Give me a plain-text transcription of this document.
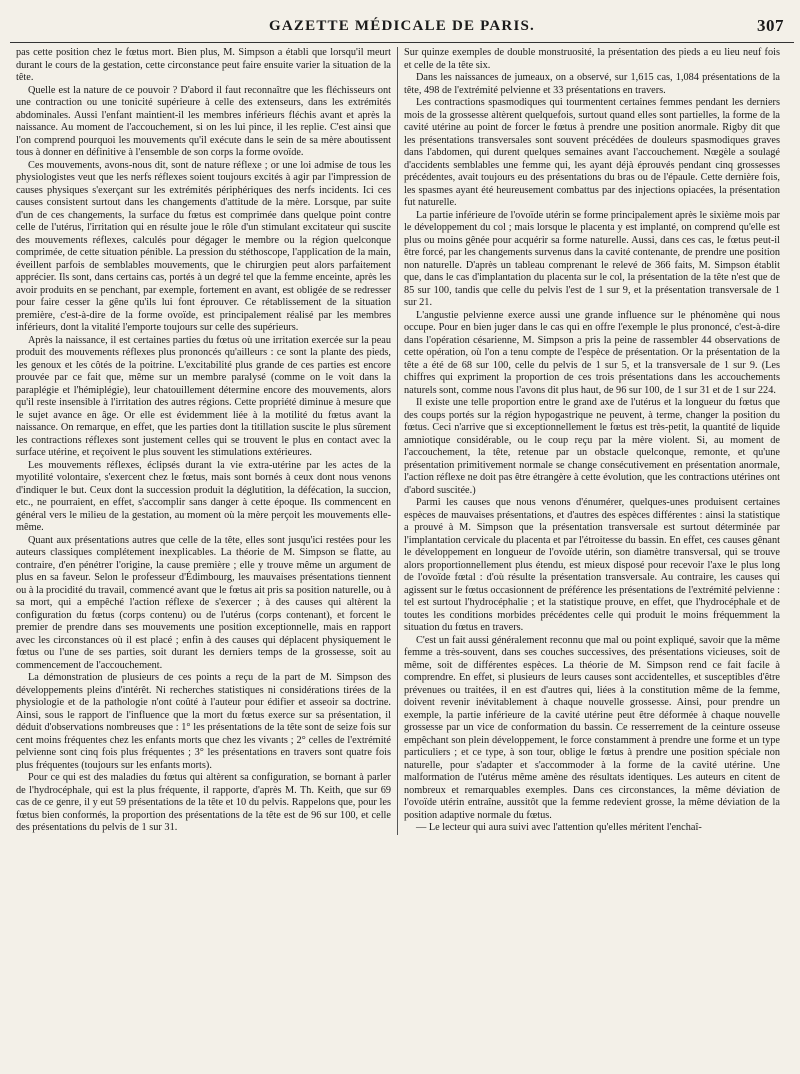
GAZETTE MÉDICALE DE PARIS.	307

pas cette position chez le fœtus mort. Bien plus, M. Simpson a établi que lorsqu'il meurt durant le cours de la gestation, cette circonstance peut faire ensuite varier la situation de la tête.

Quelle est la nature de ce pouvoir ? D'abord il faut reconnaître que les fléchisseurs ont une contraction ou une tonicité supérieure à celle des extenseurs, dans les extrémités abdominales. Aussi l'enfant maintient-il les membres inférieurs fléchis avant et après la naissance. Au moment de l'accouchement, si on les lui pince, il les replie. C'est ainsi que l'on comprend pourquoi les mouvements qu'il exécute dans le sein de sa mère aboutissent tous à donner en définitive à l'ensemble de son corps la forme ovoïde.

Ces mouvements, avons-nous dit, sont de nature réflexe ; or une loi admise de tous les physiologistes veut que les nerfs réflexes soient toujours excités à agir par l'impression de causes physiques s'exerçant sur les extrémités périphériques des nerfs incidents. Ici ces causes consistent surtout dans les changements d'attitude de la mère. Lorsque, par suite d'un de ces changements, la surface du fœtus est comprimée dans quelque point contre celle de l'utérus, l'irritation qui en résulte joue le rôle d'un stimulant excitateur qui suscite des mouvements réflexes, calculés pour dégager le membre ou la région quelconque comprimée, de cette situation pénible. La pression du stéthoscope, l'application de la main, éveillent parfois de semblables mouvements, que le chirurgien peut alors parfaitement apprécier. Ils sont, dans certains cas, portés à un degré tel que la femme enceinte, après les avoir produits en se penchant, par exemple, fortement en avant, est obligée de se redresser pour faire cesser la gêne qu'ils lui font éprouver. Ce rétablissement de la situation première, c'est-à-dire de la forme ovoïde, est principalement réalisé par les membres inférieurs, dont la vitalité l'emporte toujours sur celle des supérieurs.

Après la naissance, il est certaines parties du fœtus où une irritation exercée sur la peau produit des mouvements réflexes plus prononcés qu'ailleurs : ce sont la plante des pieds, les genoux et les côtés de la poitrine. L'excitabilité plus grande de ces parties est encore prouvée par ce fait que, même sur un membre paralysé (comme on le voit dans la paraplégie et l'hémiplégie), leur chatouillement détermine encore des mouvements, alors qu'il reste insensible à l'irritation des autres régions. Cette propriété diminue à mesure que le sujet avance en âge. Or elle est évidemment liée à la motilité du fœtus avant la naissance. On remarque, en effet, que les parties dont la titillation suscite le plus sûrement les contractions réflexes sont justement celles qui se trouvent le plus en contact avec la surface utérine, et reçoivent le plus souvent les stimulations extérieures.

Les mouvements réflexes, éclipsés durant la vie extra-utérine par les actes de la myotilité volontaire, s'exercent chez le fœtus, mais sont bornés à ceux dont nous venons d'indiquer le but. Ceux dont la succession produit la déglutition, la défécation, la succion, etc., ne pourraient, en effet, s'accomplir sans danger à cette époque. Ils commencent en général vers le milieu de la gestation, au moment où la mère perçoit les mouvements elle-même.

Quant aux présentations autres que celle de la tête, elles sont jusqu'ici restées pour les auteurs classiques complétement inexplicables. La théorie de M. Simpson se flatte, au contraire, d'en pénétrer l'origine, la cause première ; elle y trouve même un argument de plus en sa faveur. Selon le professeur d'Édimbourg, les mauvaises présentations tiennent ou à la procidité du travail, commencé avant que le fœtus ait pris sa position naturelle, ou à sa mort, qui a empêché l'action réflexe de s'exercer ; à des causes qui altèrent la configuration du fœtus (corps contenu) ou de l'utérus (corps contenant), et forcent le premier de prendre dans ses mouvements une position exceptionnelle, mais en rapport avec les circonstances où il est placé ; enfin à des causes qui déplacent physiquement le fœtus ou l'une de ses parties, soit durant les derniers temps de la grossesse, soit au commencement de l'accouchement.

La démonstration de plusieurs de ces points a reçu de la part de M. Simpson des développements pleins d'intérêt. Ni recherches statistiques ni considérations tirées de la physiologie et de la pathologie n'ont coûté à l'auteur pour édifier et asseoir sa doctrine. Ainsi, sous le rapport de l'influence que la mort du fœtus exerce sur sa présentation, il déduit d'observations nombreuses que : 1° les présentations de la tête sont de seize fois sur cent moins fréquentes chez les enfants morts que chez les vivants ; 2° celles de l'extrémité pelvienne sont cinq fois plus fréquentes ; 3° les présentations en travers sont quatre fois plus fréquentes (toujours sur les enfants morts).

Pour ce qui est des maladies du fœtus qui altèrent sa configuration, se bornant à parler de l'hydrocéphale, qui est la plus fréquente, il rapporte, d'après M. Th. Keith, que sur 69 cas de ce genre, il y eut 59 présentations de la tête et 10 du pelvis. Rappelons que, pour les fœtus bien conformés, la proportion des présentations de la tête est de 96 sur 100, et celle des présentations du pelvis de 1 sur 31.

Sur quinze exemples de double monstruosité, la présentation des pieds a eu lieu neuf fois et celle de la tête six.

Dans les naissances de jumeaux, on a observé, sur 1,615 cas, 1,084 présentations de la tête, 498 de l'extrémité pelvienne et 33 présentations en travers.

Les contractions spasmodiques qui tourmentent certaines femmes pendant les derniers mois de la grossesse altèrent quelquefois, surtout quand elles sont partielles, la forme de la cavité utérine au point de forcer le fœtus à prendre une position anormale. Rigby dit que les présentations transversales sont souvent précédées de douleurs spasmodiques graves dans l'abdomen, qui durent quelques semaines avant l'accouchement. Nœgèle a soulagé d'accidents semblables une femme qui, les ayant déjà éprouvés pendant cinq grossesses précédentes, avait toujours eu des présentations du bras ou de l'épaule. Cette dernière fois, les spasmes ayant été heureusement combattus par des injections opiacées, la présentation fut naturelle.

La partie inférieure de l'ovoïde utérin se forme principalement après le sixième mois par le développement du col ; mais lorsque le placenta y est implanté, on comprend qu'elle est plus ou moins gênée pour acquérir sa forme naturelle. Aussi, dans ces cas, le fœtus peut-il être forcé, par les changements survenus dans la cavité contenante, de prendre une position non naturelle. D'après un tableau comprenant le relevé de 366 faits, M. Simpson établit que, dans le cas d'implantation du placenta sur le col, la présentation de la tête n'est que de 85 sur 100, tandis que celle du pelvis l'est de 1 sur 9, et la présentation transversale de 1 sur 21.

L'angustie pelvienne exerce aussi une grande influence sur le phénomène qui nous occupe. Pour en bien juger dans le cas qui en offre l'exemple le plus prononcé, c'est-à-dire dans l'opération césarienne, M. Simpson a pris la peine de rassembler 44 observations de cette opération, où l'on a tenu compte de l'espèce de présentation. Or la présentation de la tête a été de 68 sur 100, celle du pelvis de 1 sur 5, et la transversale de 1 sur 9. (Les chiffres qui expriment la proportion de ces trois présentations dans les accouchements naturels sont, comme nous l'avons dit plus haut, de 96 sur 100, de 1 sur 31 et de 1 sur 224.

Il existe une telle proportion entre le grand axe de l'utérus et la longueur du fœtus que des coups portés sur la région hypogastrique ne peuvent, à terme, changer la position du fœtus. Ceci n'arrive que si exceptionnellement le fœtus est très-petit, la quantité de liquide amniotique considérable, ou le coup reçu par la mère violent. Si, au moment de l'accouchement, la tête, retenue par un obstacle quelconque, remonte, et qu'une présentation primitivement normale se change consécutivement en présentation anormale, l'action réflexe ne doit pas être étrangère à cette évolution, que les contractions utérines ont d'abord suscitée.)

Parmi les causes que nous venons d'énumérer, quelques-unes produisent certaines espèces de mauvaises présentations, et d'autres des espèces différentes : ainsi la statistique a prouvé à M. Simpson que la présentation transversale est surtout déterminée par l'implantation cervicale du placenta et par l'étroitesse du bassin. En effet, ces causes gênant le développement en longueur de l'ovoïde utérin, son diamètre transversal, qui se trouve alors proportionnellement plus étendu, est mieux disposé pour recevoir l'axe le plus long de l'ovoïde fœtal : d'où résulte la présentation transversale. Au contraire, les causes qui agissent sur le fœtus occasionnent de préférence les présentations de l'extrémité pelvienne : tel est surtout l'hydrocéphalie ; et la statistique prouve, en effet, que l'hydrocéphale et de toutes les conditions morbides précédentes celle qui produit le moins fréquemment la situation du fœtus en travers.

C'est un fait aussi généralement reconnu que mal ou point expliqué, savoir que la même femme a très-souvent, dans ses couches successives, des présentations vicieuses, soit de même, soit de différentes espèces. La théorie de M. Simpson rend ce fait facile à comprendre. En effet, si plusieurs de leurs causes sont accidentelles, et susceptibles d'être prévenues ou traitées, il en est d'autres qui, liées à la constitution même de la femme, doivent revenir inévitablement à chaque nouvelle grossesse. Ainsi, pour prendre un exemple, la partie inférieure de la cavité utérine peut être déformée à chaque nouvelle grossesse par un vice de conformation du bassin. Ce resserrement de la ceinture osseuse empêchant son plein développement, le force constamment à prendre une forme et un type particuliers ; et ce type, à son tour, oblige le fœtus à prendre une position spéciale non naturelle, pour s'adapter et s'accommoder à la forme de la cavité utérine. Une malformation de l'utérus même amène des résultats identiques. Les auteurs en citent de nombreux et remarquables exemples. Dans ces circonstances, la même déviation de l'ovoïde utérin entraîne, aussitôt que la femme redevient grosse, la même déviation de la position adaptive normale du fœtus.

— Le lecteur qui aura suivi avec l'attention qu'elles méritent l'enchaî-
